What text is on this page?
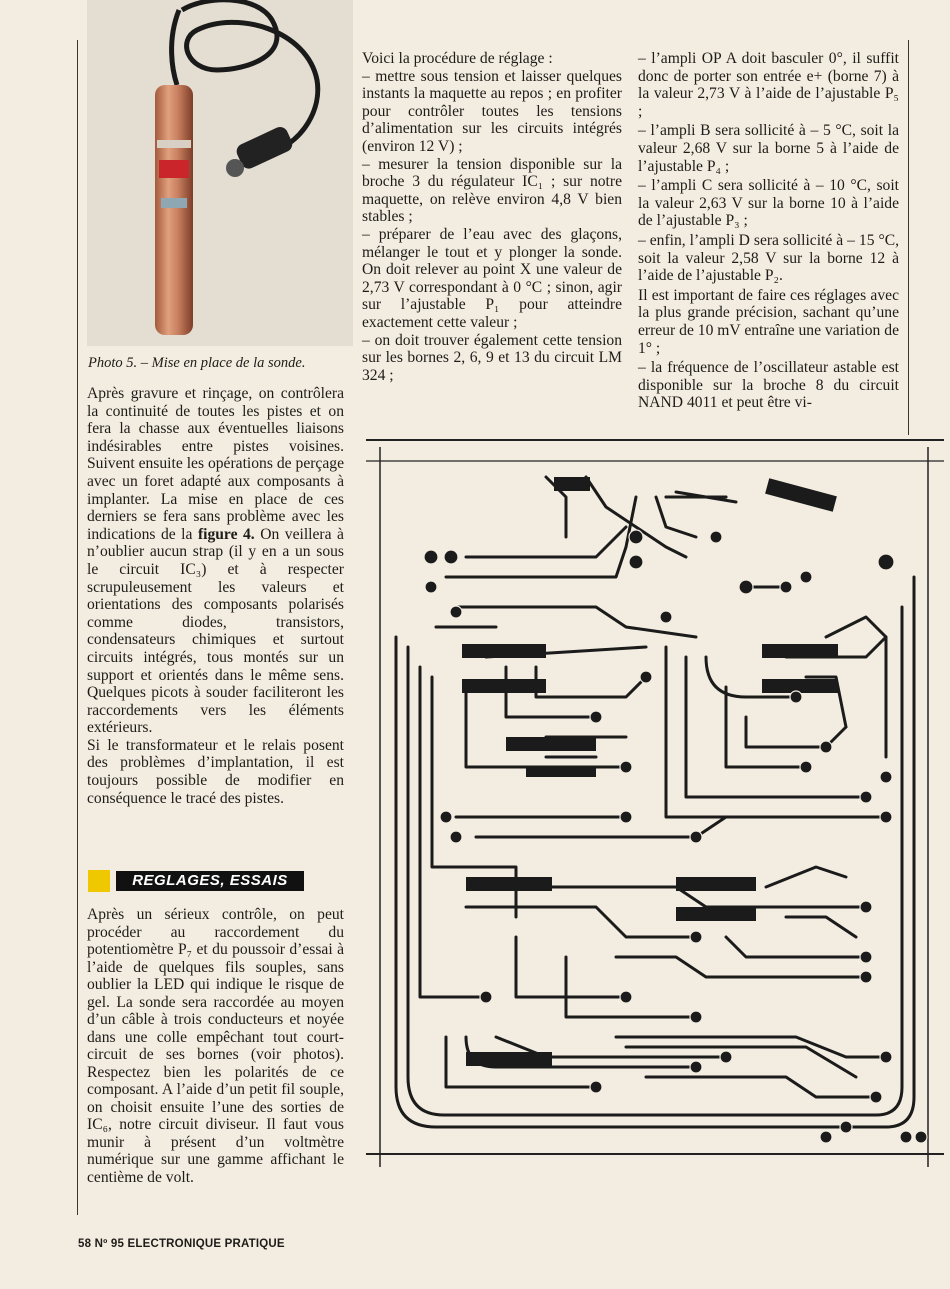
Photo 5. – Mise en place de la sonde.

Après gravure et rinçage, on contrôlera la continuité de toutes les pistes et on fera la chasse aux éventuelles liaisons indésirables entre pistes voisines. Suivent ensuite les opérations de perçage avec un foret adapté aux composants à implanter. La mise en place de ces derniers se fera sans problème avec les indications de la figure 4. On veillera à n’oublier aucun strap (il y en a un sous le circuit IC₃) et à respecter scrupuleusement les valeurs et orientations des composants polarisés comme diodes, transistors, condensateurs chimiques et surtout circuits intégrés, tous montés sur un support et orientés dans le même sens. Quelques picots à souder faciliteront les raccordements vers les éléments extérieurs.

Si le transformateur et le relais posent des problèmes d’implantation, il est toujours possible de modifier en conséquence le tracé des pistes.

REGLAGES, ESSAIS

Après un sérieux contrôle, on peut procéder au raccordement du potentiomètre P₇ et du poussoir d’essai à l’aide de quelques fils souples, sans oublier la LED qui indique le risque de gel. La sonde sera raccordée au moyen d’un câble à trois conducteurs et noyée dans une colle empêchant tout court-circuit de ses bornes (voir photos). Respectez bien les polarités de ce composant. A l’aide d’un petit fil souple, on choisit ensuite l’une des sorties de IC₆, notre circuit diviseur. Il faut vous munir à présent d’un voltmètre numérique sur une gamme affichant le centième de volt.

Voici la procédure de réglage :

– mettre sous tension et laisser quelques instants la maquette au repos ; en profiter pour contrôler toutes les tensions d’alimentation sur les circuits intégrés (environ 12 V) ;

– mesurer la tension disponible sur la broche 3 du régulateur IC₁ ; sur notre maquette, on relève environ 4,8 V bien stables ;

– préparer de l’eau avec des glaçons, mélanger le tout et y plonger la sonde. On doit relever au point X une valeur de 2,73 V correspondant à 0 °C ; sinon, agir sur l’ajustable P₁ pour atteindre exactement cette valeur ;

– on doit trouver également cette tension sur les bornes 2, 6, 9 et 13 du circuit LM 324 ;

– l’ampli OP A doit basculer 0°, il suffit donc de porter son entrée e+ (borne 7) à la valeur 2,73 V à l’aide de l’ajustable P₅ ;

– l’ampli B sera sollicité à – 5 °C, soit la valeur 2,68 V sur la borne 5 à l’aide de l’ajustable P₄ ;

– l’ampli C sera sollicité à – 10 °C, soit la valeur 2,63 V sur la borne 10 à l’aide de l’ajustable P₃ ;

– enfin, l’ampli D sera sollicité à – 15 °C, soit la valeur 2,58 V sur la borne 12 à l’aide de l’ajustable P₂.

Il est important de faire ces réglages avec la plus grande précision, sachant qu’une erreur de 10 mV entraîne une variation de 1° ;

– la fréquence de l’oscillateur astable est disponible sur la broche 8 du circuit NAND 4011 et peut être vi-

58 Nº 95 ELECTRONIQUE PRATIQUE
